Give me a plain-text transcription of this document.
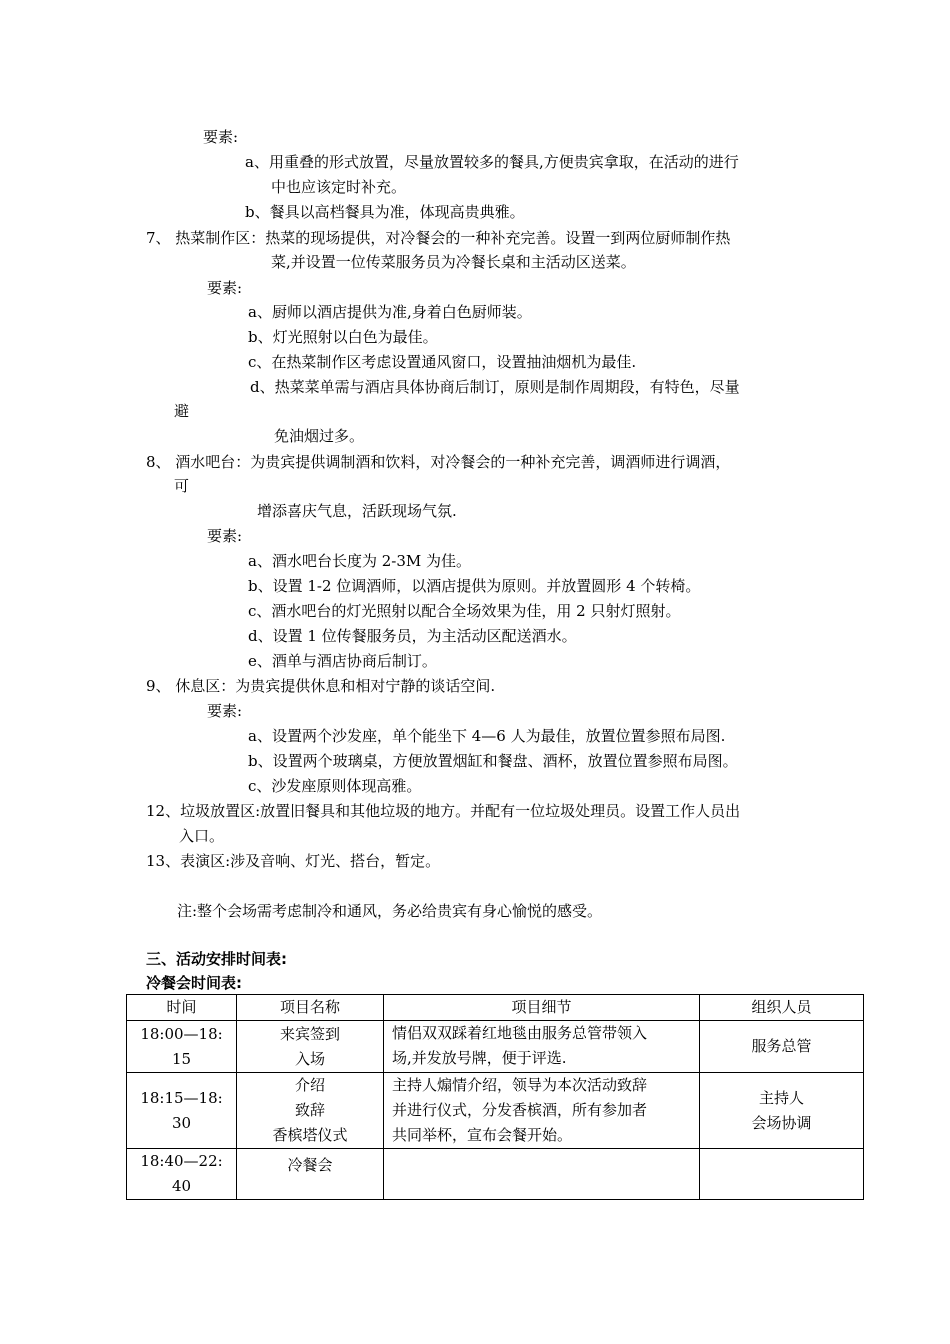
要素:
a、用重叠的形式放置，尽量放置较多的餐具,方便贵宾拿取，在活动的进行
中也应该定时补充。
b、餐具以高档餐具为准，体现高贵典雅。
7、 热菜制作区：热菜的现场提供，对冷餐会的一种补充完善。设置一到两位厨师制作热
菜,并设置一位传菜服务员为冷餐长桌和主活动区送菜。
要素:
a、厨师以酒店提供为准,身着白色厨师装。
b、灯光照射以白色为最佳。
c、在热菜制作区考虑设置通风窗口，设置抽油烟机为最佳.
d、热菜菜单需与酒店具体协商后制订，原则是制作周期段，有特色，尽量
避
免油烟过多。
8、 酒水吧台：为贵宾提供调制酒和饮料，对冷餐会的一种补充完善，调酒师进行调酒，
可
增添喜庆气息，活跃现场气氛.
要素:
a、酒水吧台长度为 2-3M 为佳。
b、设置 1-2 位调酒师，以酒店提供为原则。并放置圆形 4 个转椅。
c、酒水吧台的灯光照射以配合全场效果为佳，用 2 只射灯照射。
d、设置 1 位传餐服务员，为主活动区配送酒水。
e、酒单与酒店协商后制订。
9、 休息区：为贵宾提供休息和相对宁静的谈话空间.
要素:
a、设置两个沙发座，单个能坐下 4—6 人为最佳，放置位置参照布局图.
b、设置两个玻璃桌，方便放置烟缸和餐盘、酒杯，放置位置参照布局图。
c、沙发座原则体现高雅。
12、垃圾放置区:放置旧餐具和其他垃圾的地方。并配有一位垃圾处理员。设置工作人员出
入口。
13、表演区:涉及音响、灯光、搭台，暂定。
注:整个会场需考虑制冷和通风，务必给贵宾有身心愉悦的感受。
三、活动安排时间表:
冷餐会时间表:
时间	项目名称	项目细节	组织人员

18:00—18:
15	来宾签到
入场	情侣双双踩着红地毯由服务总管带领入
场,并发放号牌，便于评选.	服务总管

18:15—18:
30	介绍
致辞
香槟塔仪式	主持人煽情介绍，领导为本次活动致辞
并进行仪式，分发香槟酒，所有参加者
共同举杯，宣布会餐开始。	主持人
会场协调

18:40—22:
40	冷餐会		
